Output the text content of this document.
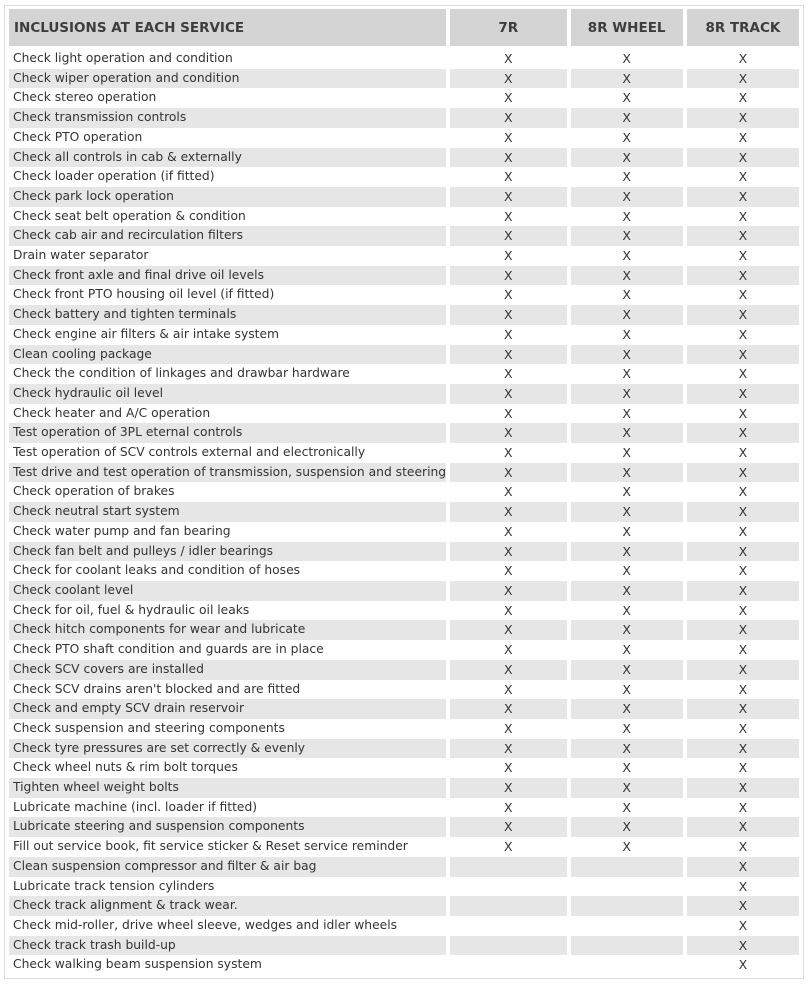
INCLUSIONS AT EACH SERVICE	7R	8R WHEEL	8R TRACK
Check light operation and condition	X	X	X
Check wiper operation and condition	X	X	X
Check stereo operation	X	X	X
Check transmission controls	X	X	X
Check PTO operation	X	X	X
Check all controls in cab & externally	X	X	X
Check loader operation (if fitted)	X	X	X
Check park lock operation	X	X	X
Check seat belt operation & condition	X	X	X
Check cab air and recirculation filters	X	X	X
Drain water separator	X	X	X
Check front axle and final drive oil levels	X	X	X
Check front PTO housing oil level (if fitted)	X	X	X
Check battery and tighten terminals	X	X	X
Check engine air filters & air intake system	X	X	X
Clean cooling package	X	X	X
Check the condition of linkages and drawbar hardware	X	X	X
Check hydraulic oil level	X	X	X
Check heater and A/C operation	X	X	X
Test operation of 3PL eternal controls	X	X	X
Test operation of SCV controls external and electronically	X	X	X
Test drive and test operation of transmission, suspension and steering	X	X	X
Check operation of brakes	X	X	X
Check neutral start system	X	X	X
Check water pump and fan bearing	X	X	X
Check fan belt and pulleys / idler bearings	X	X	X
Check for coolant leaks and condition of hoses	X	X	X
Check coolant level	X	X	X
Check for oil, fuel & hydraulic oil leaks	X	X	X
Check hitch components for wear and lubricate	X	X	X
Check PTO shaft condition and guards are in place	X	X	X
Check SCV covers are installed	X	X	X
Check SCV drains aren't blocked and are fitted	X	X	X
Check and empty SCV drain reservoir	X	X	X
Check suspension and steering components	X	X	X
Check tyre pressures are set correctly & evenly	X	X	X
Check wheel nuts & rim bolt torques	X	X	X
Tighten wheel weight bolts	X	X	X
Lubricate machine (incl. loader if fitted)	X	X	X
Lubricate steering and suspension components	X	X	X
Fill out service book, fit service sticker & Reset service reminder	X	X	X
Clean suspension compressor and filter & air bag			X
Lubricate track tension cylinders			X
Check track alignment & track wear.			X
Check mid-roller, drive wheel sleeve, wedges and idler wheels			X
Check track trash build-up			X
Check walking beam suspension system			X
